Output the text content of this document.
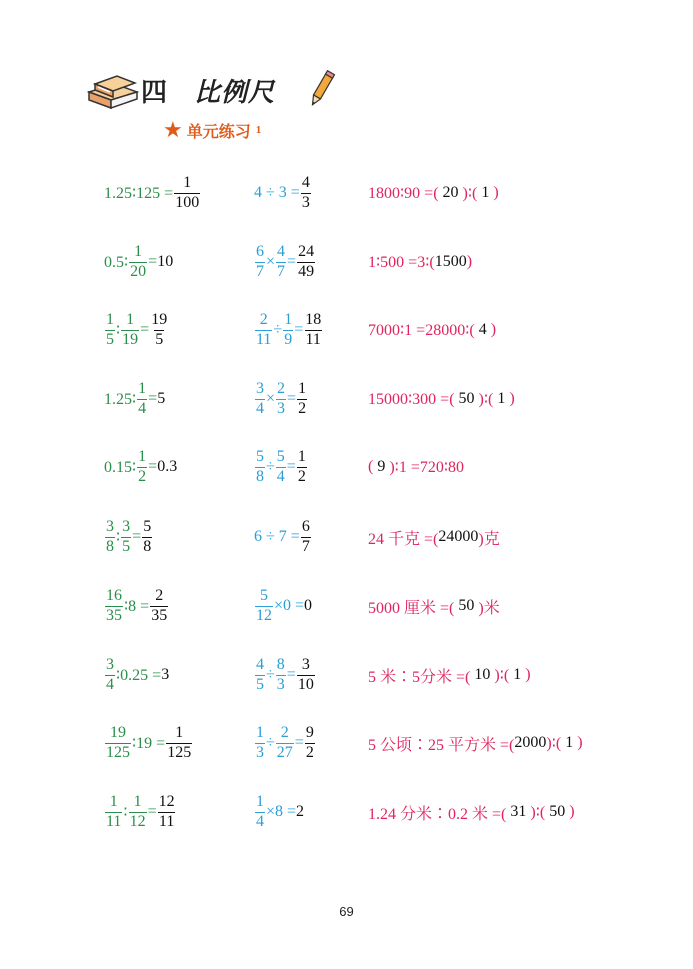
四 比例尺
★ 单元练习 1
1.25∶125 = $\frac{1}{100}$	$4 \div 3 = \frac{4}{3}$	1800∶90 =( 20 )∶( 1 )
0.5∶ $\frac{1}{20} = 10$	$\frac{6}{7} \times \frac{4}{7} = \frac{24}{49}$	1∶500 =3∶( 1500 )
$\frac{1}{5}$ ∶ $\frac{1}{19} = \frac{19}{5}$	$\frac{2}{11} \div \frac{1}{9} = \frac{18}{11}$	7000∶1 =28000∶( 4 )
1.25∶ $\frac{1}{4} = 5$	$\frac{3}{4} \times \frac{2}{3} = \frac{1}{2}$	15000∶300 =( 50 )∶( 1 )
0.15∶ $\frac{1}{2} = 0.3$	$\frac{5}{8} \div \frac{5}{4} = \frac{1}{2}$	( 9 )∶1 =720∶80
$\frac{3}{8}$ ∶ $\frac{3}{5} = \frac{5}{8}$	$6 \div 7 = \frac{6}{7}$	24 千克 =( 24000 )克
$\frac{16}{35}$ ∶8 = $\frac{2}{35}$	$\frac{5}{12} \times 0 = 0$	5000 厘米 =( 50 )米
$\frac{3}{4}$ ∶0.25 = 3	$\frac{4}{5} \div \frac{8}{3} = \frac{3}{10}$	5 米∶5分米 =( 10 )∶( 1 )
$\frac{19}{125}$ ∶19 = $\frac{1}{125}$	$\frac{1}{3} \div \frac{2}{27} = \frac{9}{2}$	5 公顷∶25 平方米 =( 2000 )∶( 1 )
$\frac{1}{11}$ ∶ $\frac{1}{12} = \frac{12}{11}$	$\frac{1}{4} \times 8 = 2$	1.24 分米∶0.2 米 =( 31 )∶( 50 )
69
